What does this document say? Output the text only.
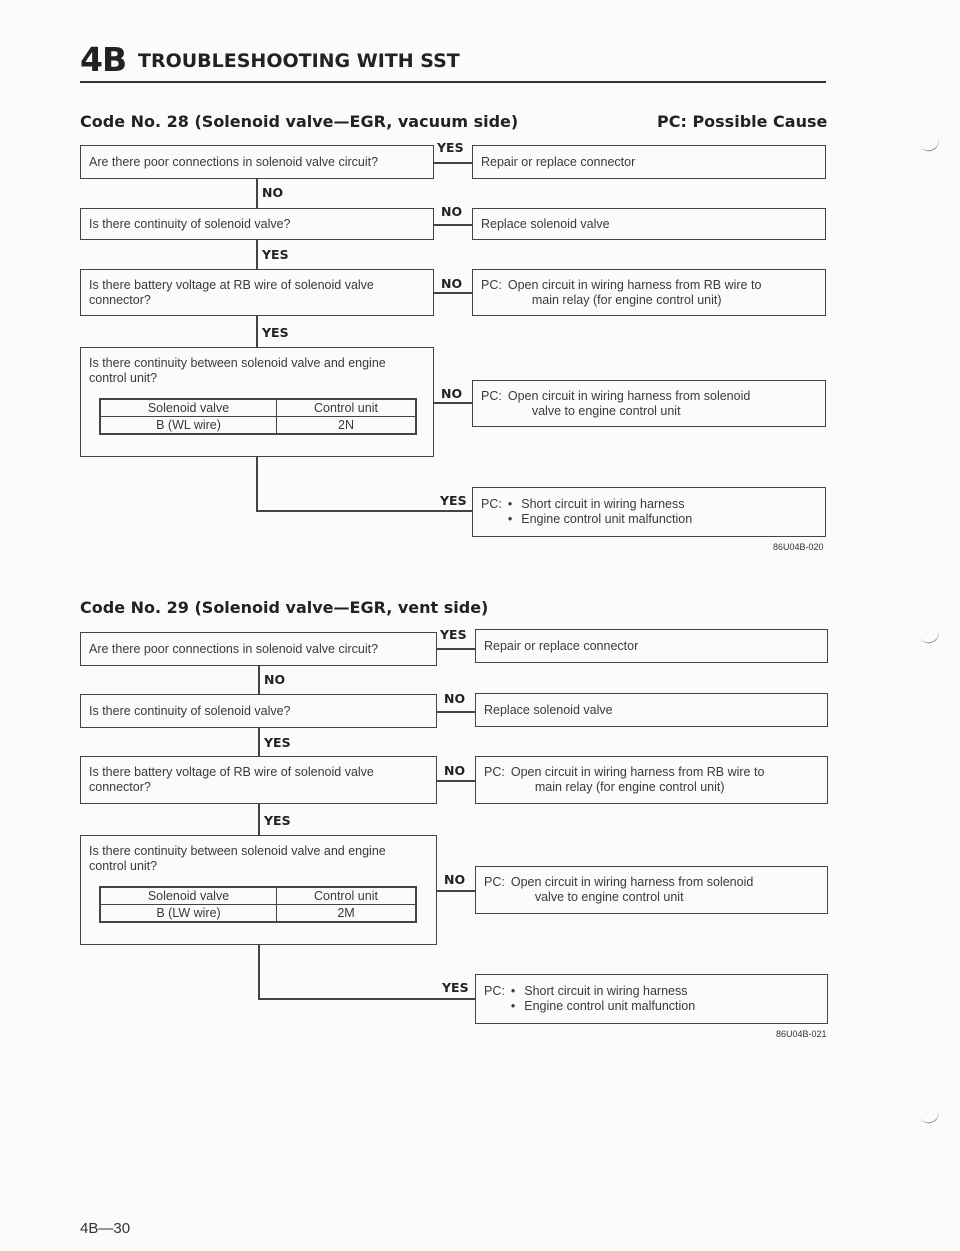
4B TROUBLESHOOTING WITH SST
Code No. 28 (Solenoid valve—EGR, vacuum side)	PC: Possible Cause
Are there poor connections in solenoid valve circuit?
YES
Repair or replace connector
NO
Is there continuity of solenoid valve?
NO
Replace solenoid valve
YES
Is there battery voltage at RB wire of solenoid valve connector?
NO PC: Open circuit in wiring harness from RB wire to
main relay (for engine control unit)
YES
Is there continuity between solenoid valve and engine control unit?
Solenoid valve	Control unit
B (WL wire)	2N
NO PC: Open circuit in wiring harness from solenoid
valve to engine control unit
YES PC:	• Short circuit in wiring harness
• Engine control unit malfunction
86U04B-020
Code No. 29 (Solenoid valve—EGR, vent side)
Are there poor connections in solenoid valve circuit?
YES
Repair or replace connector
NO
Is there continuity of solenoid valve?
NO
Replace solenoid valve
YES
Is there battery voltage of RB wire of solenoid valve connector?
NO PC: Open circuit in wiring harness from RB wire to
main relay (for engine control unit)
YES
Is there continuity between solenoid valve and engine control unit?
Solenoid valve	Control unit
B (LW wire)	2M
NO PC: Open circuit in wiring harness from solenoid
valve to engine control unit
YES PC:	• Short circuit in wiring harness
• Engine control unit malfunction
86U04B-021
4B—30
